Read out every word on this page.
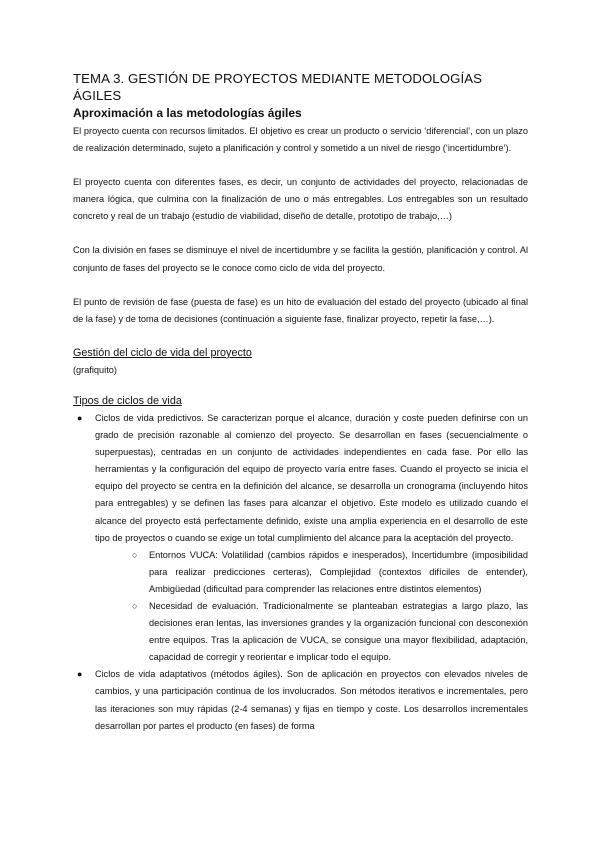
TEMA 3. GESTIÓN DE PROYECTOS MEDIANTE METODOLOGÍAS ÁGILES
Aproximación a las metodologías ágiles

El proyecto cuenta con recursos limitados. El objetivo es crear un producto o servicio ‘diferencial’, con un plazo de realización determinado, sujeto a planificación y control y sometido a un nivel de riesgo (‘incertidumbre’).

El proyecto cuenta con diferentes fases, es decir, un conjunto de actividades del proyecto, relacionadas de manera lógica, que culmina con la finalización de uno o más entregables. Los entregables son un resultado concreto y real de un trabajo (estudio de viabilidad, diseño de detalle, prototipo de trabajo,…)

Con la división en fases se disminuye el nivel de incertidumbre y se facilita la gestión, planificación y control. Al conjunto de fases del proyecto se le conoce como ciclo de vida del proyecto.

El punto de revisión de fase (puesta de fase) es un hito de evaluación del estado del proyecto (ubicado al final de la fase) y de toma de decisiones (continuación a siguiente fase, finalizar proyecto, repetir la fase,…).

Gestión del ciclo de vida del proyecto

(grafiquito)

Tipos de ciclos de vida
● Ciclos de vida predictivos. Se caracterizan porque el alcance, duración y coste pueden definirse con un grado de precisión razonable al comienzo del proyecto. Se desarrollan en fases (secuencialmente o superpuestas), centradas en un conjunto de actividades independientes en cada fase. Por ello las herramientas y la configuración del equipo de proyecto varía entre fases. Cuando el proyecto se inicia el equipo del proyecto se centra en la definición del alcance, se desarrolla un cronograma (incluyendo hitos para entregables) y se definen las fases para alcanzar el objetivo. Este modelo es utilizado cuando el alcance del proyecto está perfectamente definido, existe una amplia experiencia en el desarrollo de este tipo de proyectos o cuando se exige un total cumplimiento del alcance para la aceptación del proyecto.
○ Entornos VUCA: Volatilidad (cambios rápidos e inesperados), Incertidumbre (imposibilidad para realizar predicciones certeras), Complejidad (contextos difíciles de entender), Ambigüedad (dificultad para comprender las relaciones entre distintos elementos)
○ Necesidad de evaluación. Tradicionalmente se planteaban estrategias a largo plazo, las decisiones eran lentas, las inversiones grandes y la organización funcional con desconexión entre equipos. Tras la aplicación de VUCA, se consigue una mayor flexibilidad, adaptación, capacidad de corregir y reorientar e implicar todo el equipo.
● Ciclos de vida adaptativos (métodos ágiles). Son de aplicación en proyectos con elevados niveles de cambios, y una participación continua de los involucrados. Son métodos iterativos e incrementales, pero las iteraciones son muy rápidas (2-4 semanas) y fijas en tiempo y coste. Los desarrollos incrementales desarrollan por partes el producto (en fases) de forma
